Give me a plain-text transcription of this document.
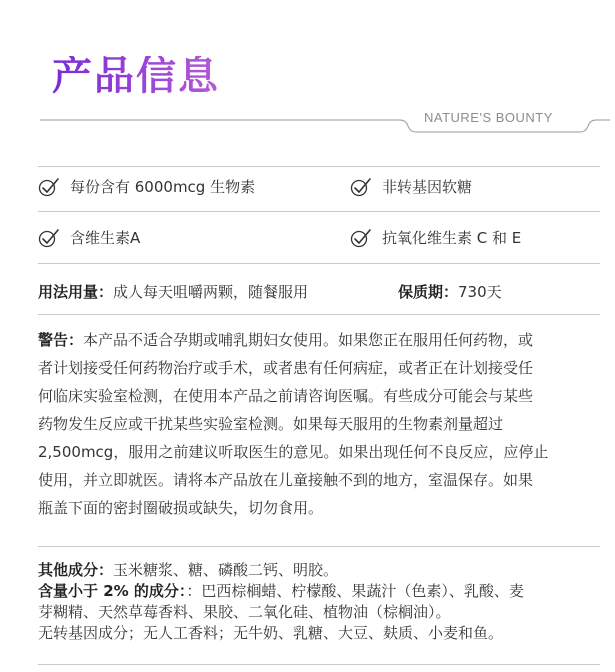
产品信息
NATURE'S BOUNTY
每份含有 6000mcg 生物素	非转基因软糖
含维生素A	抗氧化维生素 C 和 E
用法用量：成人每天咀嚼两颗，随餐服用	保质期：730天

警告：本产品不适合孕期或哺乳期妇女使用。如果您正在服用任何药物，或

者计划接受任何药物治疗或手术，或者患有任何病症，或者正在计划接受任

何临床实验室检测，在使用本产品之前请咨询医嘱。有些成分可能会与某些

药物发生反应或干扰某些实验室检测。如果每天服用的生物素剂量超过

2,500mcg，服用之前建议听取医生的意见。如果出现任何不良反应，应停止

使用，并立即就医。请将本产品放在儿童接触不到的地方，室温保存。如果

瓶盖下面的密封圈破损或缺失，切勿食用。

其他成分：玉米糖浆、糖、磷酸二钙、明胶。
含量小于 2% 的成分：：巴西棕榈蜡、柠檬酸、果蔬汁（色素）、乳酸、麦
芽糊精、天然草莓香料、果胶、二氧化硅、植物油（棕榈油）。
无转基因成分；无人工香料；无牛奶、乳糖、大豆、麸质、小麦和鱼。
